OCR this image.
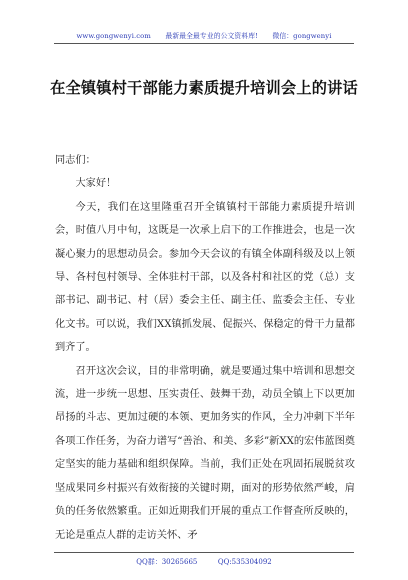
www.gongwenyi.com 最新最全最专业的公文资料库! 微信：gongwenyi
在全镇镇村干部能力素质提升培训会上的讲话

同志们：

大家好！

今天，我们在这里隆重召开全镇镇村干部能力素质提升培训会，时值八月中旬，这既是一次承上启下的工作推进会，也是一次凝心聚力的思想动员会。参加今天会议的有镇全体副科级及以上领导、各村包村领导、全体驻村干部，以及各村和社区的党（总）支部书记、副书记、村（居）委会主任、副主任、监委会主任、专业化文书。可以说，我们XX镇抓发展、促振兴、保稳定的骨干力量都到齐了。

召开这次会议，目的非常明确，就是要通过集中培训和思想交流，进一步统一思想、压实责任、鼓舞干劲，动员全镇上下以更加昂扬的斗志、更加过硬的本领、更加务实的作风，全力冲刺下半年各项工作任务，为奋力谱写“善治、和美、多彩”新XX的宏伟蓝图奠定坚实的能力基础和组织保障。当前，我们正处在巩固拓展脱贫攻坚成果同乡村振兴有效衔接的关键时期，面对的形势依然严峻，肩负的任务依然繁重。正如近期我们开展的重点工作督查所反映的，无论是重点人群的走访关怀、矛

QQ群：30265665	QQ:535304092
